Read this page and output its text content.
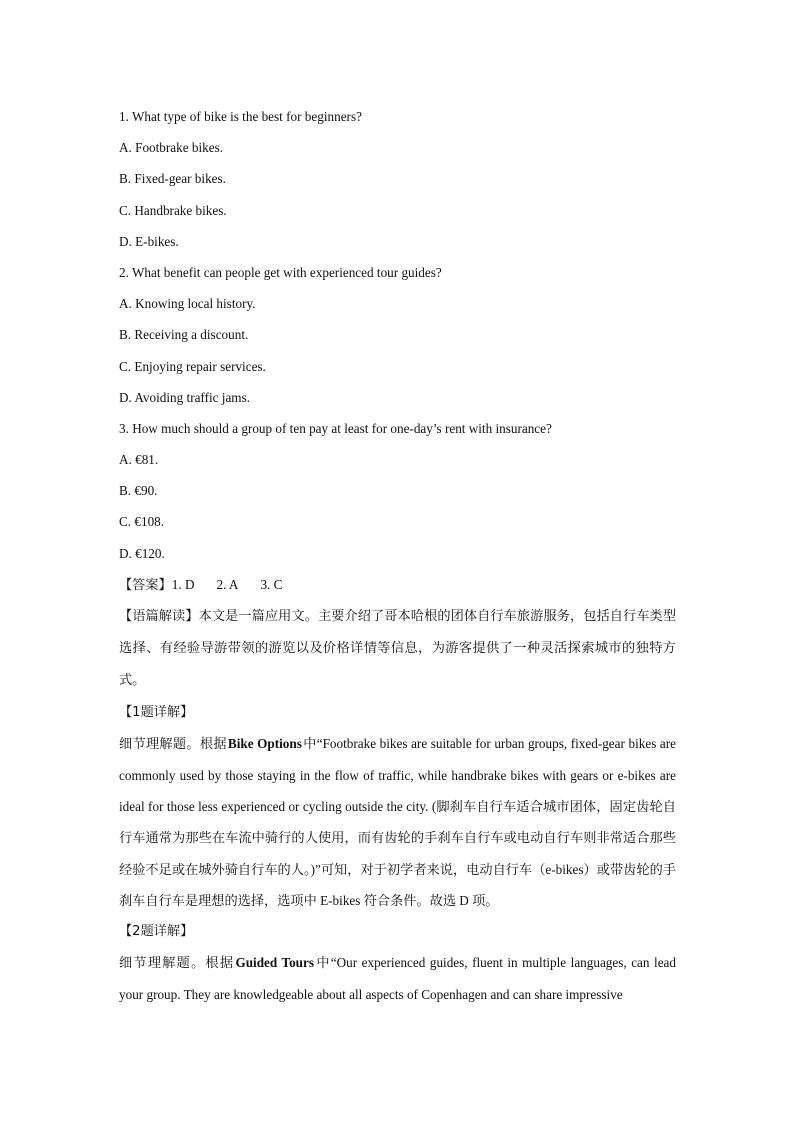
1. What type of bike is the best for beginners?
A. Footbrake bikes.
B. Fixed-gear bikes.
C. Handbrake bikes.
D. E-bikes.
2. What benefit can people get with experienced tour guides?
A. Knowing local history.
B. Receiving a discount.
C. Enjoying repair services.
D. Avoiding traffic jams.
3. How much should a group of ten pay at least for one-day’s rent with insurance?
A. €81.
B. €90.
C. €108.
D. €120.
【答案】1. D 2. A 3. C
【语篇解读】本文是一篇应用文。主要介绍了哥本哈根的团体自行车旅游服务，包括自行车类型选择、有经验导游带领的游览以及价格详情等信息，为游客提供了一种灵活探索城市的独特方式。
【1题详解】
细节理解题。根据 Bike Options 中“Footbrake bikes are suitable for urban groups, fixed-gear bikes are commonly used by those staying in the flow of traffic, while handbrake bikes with gears or e-bikes are ideal for those less experienced or cycling outside the city. (脚刹车自行车适合城市团体，固定齿轮自行车通常为那些在车流中骑行的人使用，而有齿轮的手刹车自行车或电动自行车则非常适合那些经验不足或在城外骑自行车的人。)”可知，对于初学者来说，电动自行车（e-bikes）或带齿轮的手刹车自行车是理想的选择，选项中 E-bikes 符合条件。故选 D 项。
【2题详解】
细节理解题。根据 Guided Tours 中“Our experienced guides, fluent in multiple languages, can lead your group. They are knowledgeable about all aspects of Copenhagen and can share impressive
